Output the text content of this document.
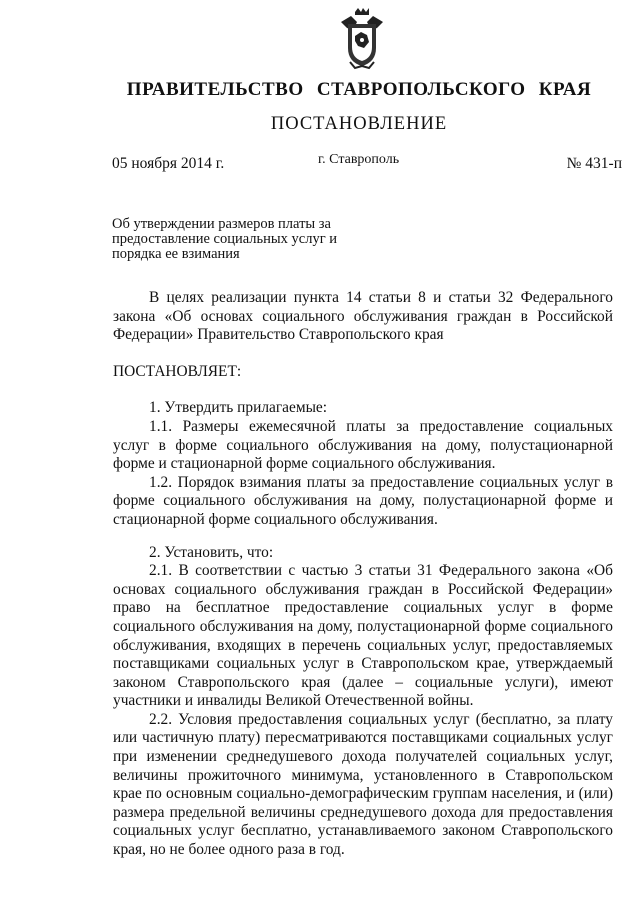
ПРАВИТЕЛЬСТВО СТАВРОПОЛЬСКОГО КРАЯ
ПОСТАНОВЛЕНИЕ
05 ноября 2014 г.	г. Ставрополь	№ 431-п
Об утверждении размеров платы за предоставление социальных услуг и порядка ее взимания

В целях реализации пункта 14 статьи 8 и статьи 32 Федерального закона «Об основах социального обслуживания граждан в Российской Федерации» Правительство Ставропольского края

ПОСТАНОВЛЯЕТ:

1. Утвердить прилагаемые:

1.1. Размеры ежемесячной платы за предоставление социальных услуг в форме социального обслуживания на дому, полустационарной форме и стационарной форме социального обслуживания.

1.2. Порядок взимания платы за предоставление социальных услуг в форме социального обслуживания на дому, полустационарной форме и стационарной форме социального обслуживания.

2. Установить, что:

2.1. В соответствии с частью 3 статьи 31 Федерального закона «Об основах социального обслуживания граждан в Российской Федерации» право на бесплатное предоставление социальных услуг в форме социального обслуживания на дому, полустационарной форме социального обслуживания, входящих в перечень социальных услуг, предоставляемых поставщиками социальных услуг в Ставропольском крае, утверждаемый законом Ставропольского края (далее – социальные услуги), имеют участники и инвалиды Великой Отечественной войны.

2.2. Условия предоставления социальных услуг (бесплатно, за плату или частичную плату) пересматриваются поставщиками социальных услуг при изменении среднедушевого дохода получателей социальных услуг, величины прожиточного минимума, установленного в Ставропольском крае по основным социально-демографическим группам населения, и (или) размера предельной величины среднедушевого дохода для предоставления социальных услуг бесплатно, устанавливаемого законом Ставропольского края, но не более одного раза в год.
